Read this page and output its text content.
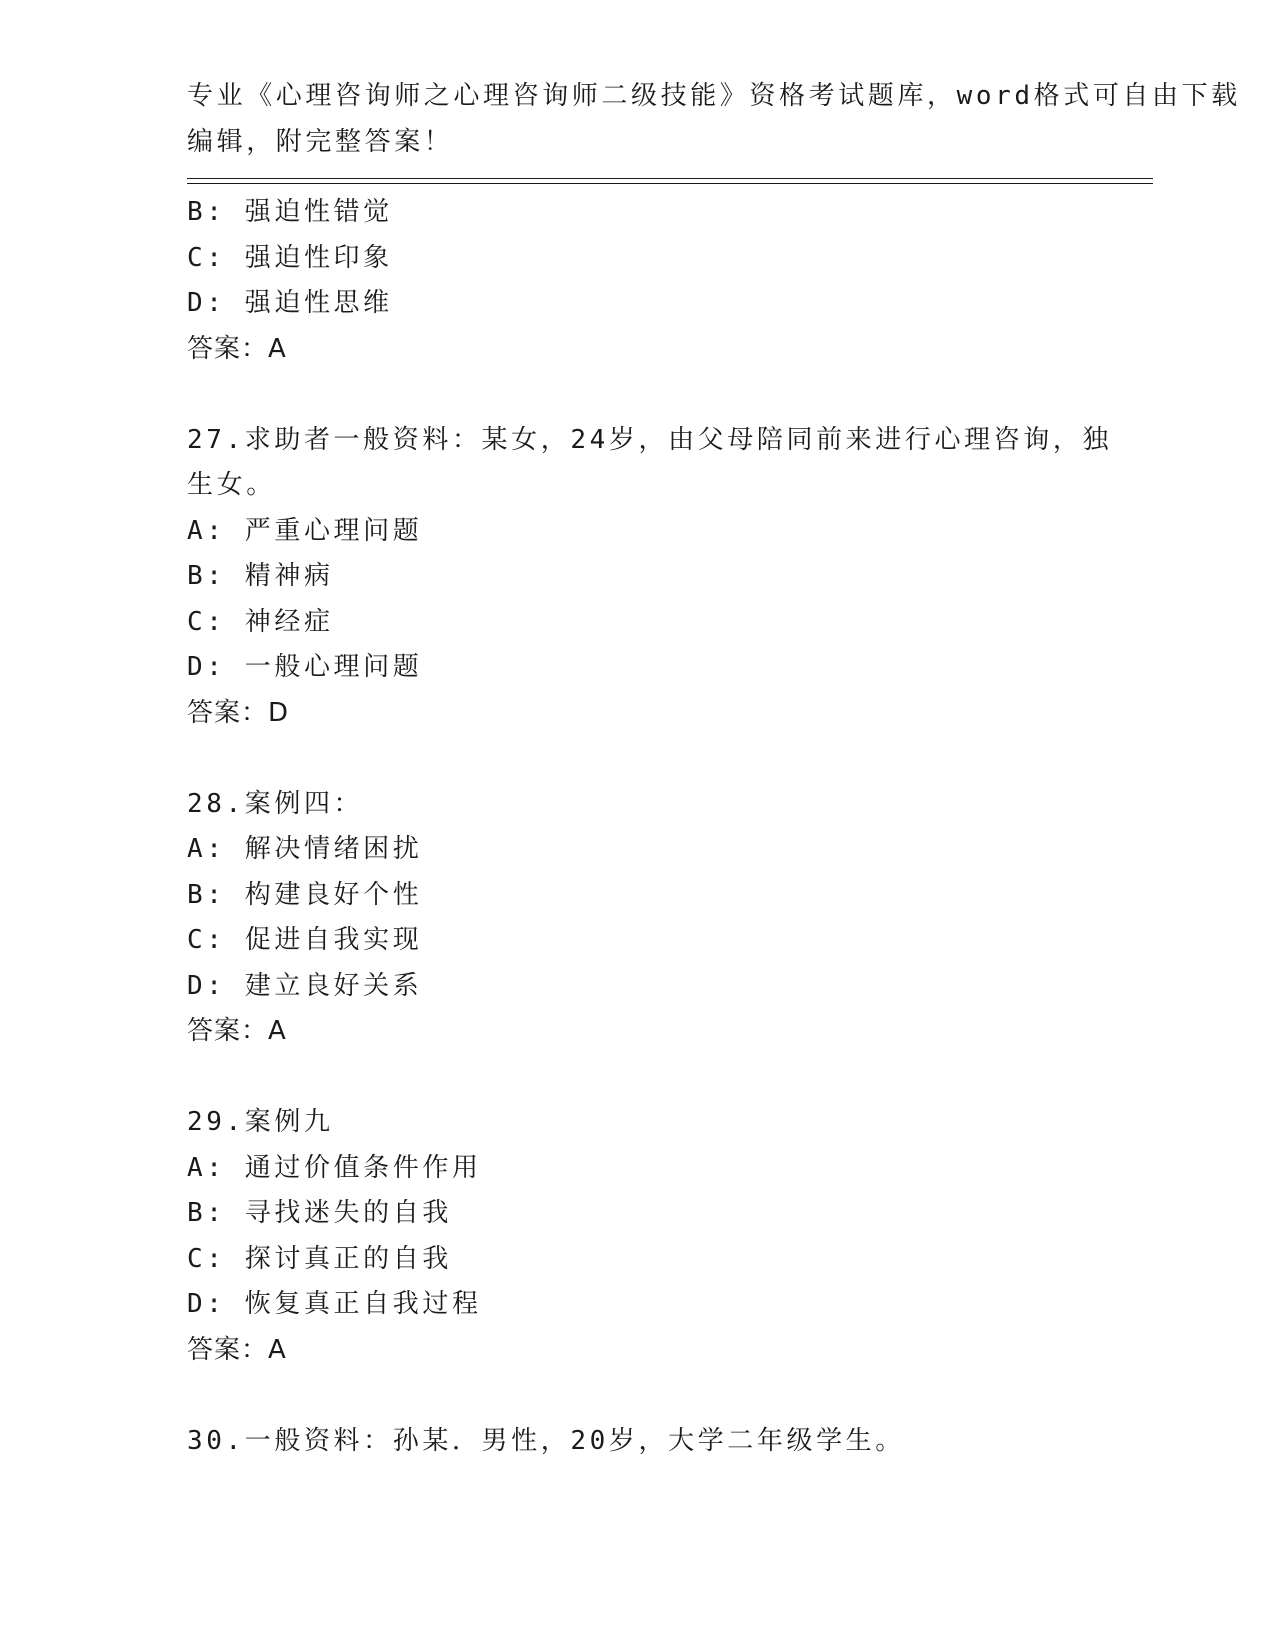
专业《心理咨询师之心理咨询师二级技能》资格考试题库，word格式可自由下载
编辑，附完整答案！
B: 强迫性错觉
C: 强迫性印象
D: 强迫性思维
答案：A
27.求助者一般资料：某女，24岁，由父母陪同前来进行心理咨询，独
生女。
A: 严重心理问题
B: 精神病
C: 神经症
D: 一般心理问题
答案：D
28.案例四：
A: 解决情绪困扰
B: 构建良好个性
C: 促进自我实现
D: 建立良好关系
答案：A
29.案例九
A: 通过价值条件作用
B: 寻找迷失的自我
C: 探讨真正的自我
D: 恢复真正自我过程
答案：A
30.一般资料：孙某．男性，20岁，大学二年级学生。
